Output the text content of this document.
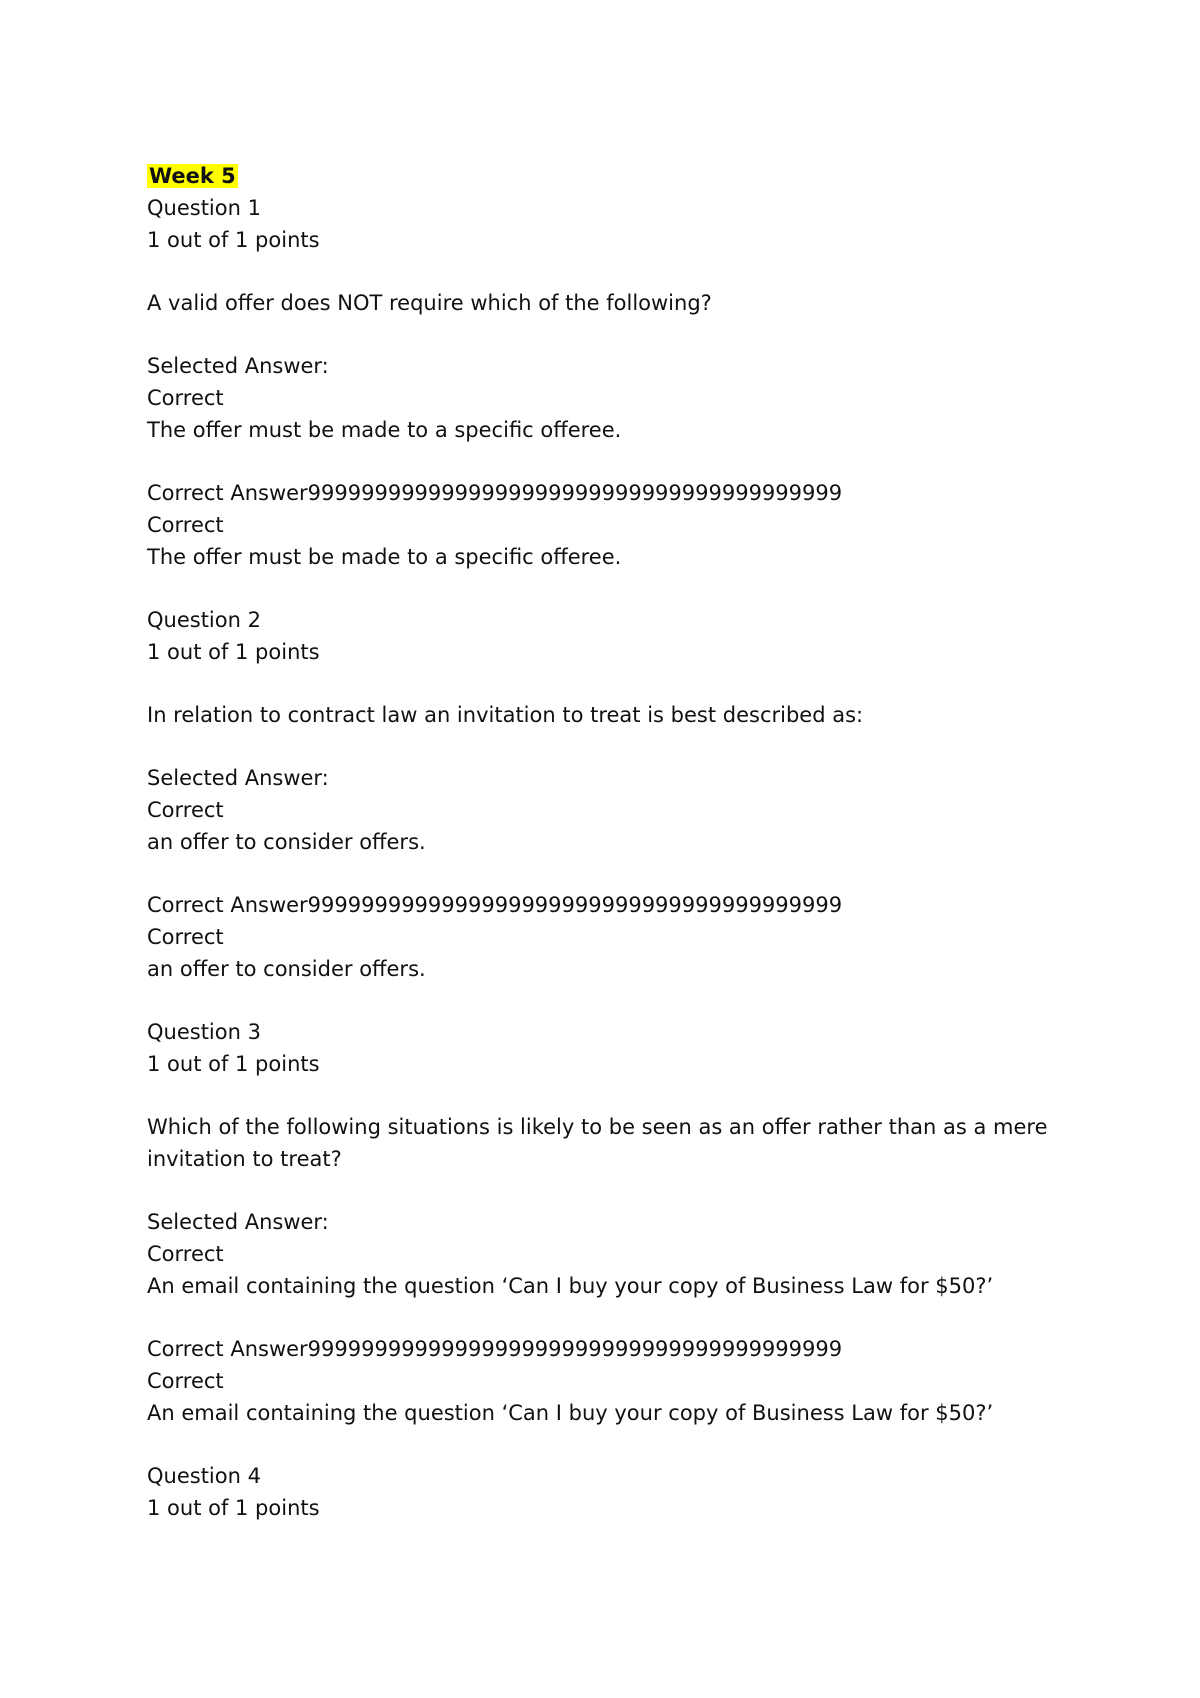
Week 5

Question 1

1 out of 1 points

A valid offer does NOT require which of the following?

Selected Answer:

Correct

The offer must be made to a specific offeree.

Correct Answer9999999999999999999999999999999999999999

Correct

The offer must be made to a specific offeree.

Question 2

1 out of 1 points

In relation to contract law an invitation to treat is best described as:

Selected Answer:

Correct

an offer to consider offers.

Correct Answer9999999999999999999999999999999999999999

Correct

an offer to consider offers.

Question 3

1 out of 1 points

Which of the following situations is likely to be seen as an offer rather than as a mere invitation to treat?

Selected Answer:

Correct

An email containing the question ‘Can I buy your copy of Business Law for $50?’

Correct Answer9999999999999999999999999999999999999999

Correct

An email containing the question ‘Can I buy your copy of Business Law for $50?’

Question 4

1 out of 1 points
